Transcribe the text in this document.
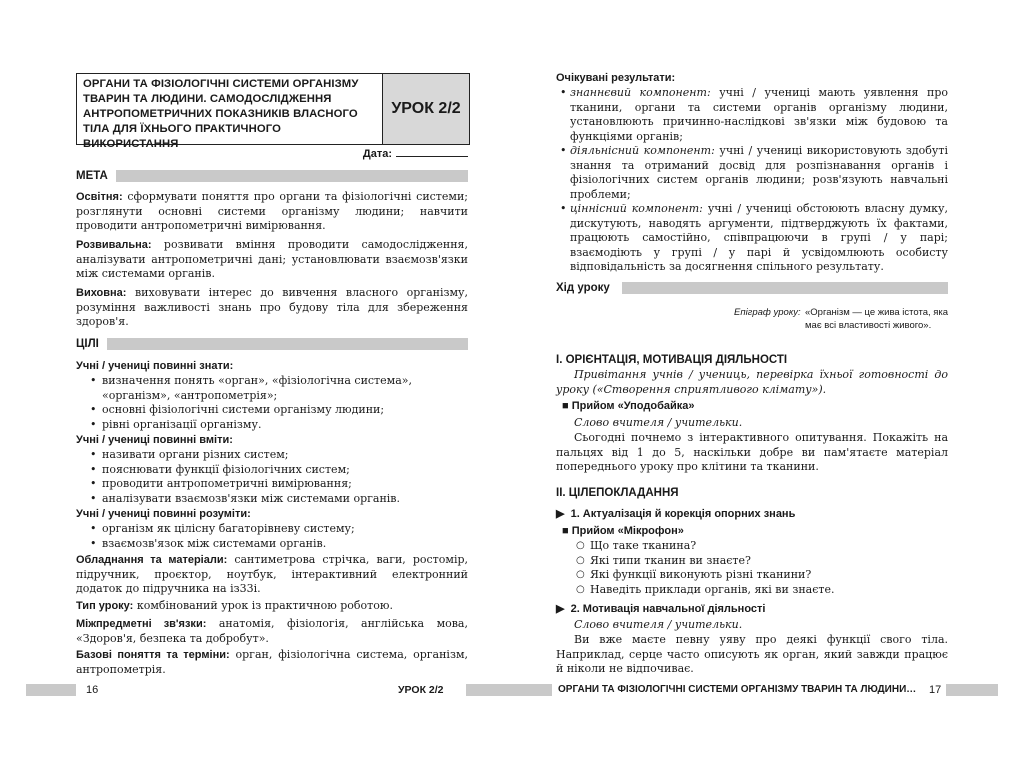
ОРГАНИ ТА ФІЗІОЛОГІЧНІ СИСТЕМИ ОРГАНІЗМУ ТВАРИН ТА ЛЮДИНИ. САМОДОСЛІДЖЕННЯ АНТРОПОМЕТРИЧНИХ ПОКАЗНИКІВ ВЛАСНОГО ТІЛА ДЛЯ ЇХНЬОГО ПРАКТИЧНОГО ВИКОРИСТАННЯ
УРОК 2/2
Дата:
МЕТА
Освітня: сформувати поняття про органи та фізіологічні системи; розглянути основні системи організму людини; навчити проводити антропометричні вимірювання.
Розвивальна: розвивати вміння проводити самодослідження, аналізувати антропометричні дані; установлювати взаємозв'язки між системами органів.
Виховна: виховувати інтерес до вивчення власного організму, розуміння важливості знань про будову тіла для збереження здоров'я.
ЦІЛІ
Учні / учениці повинні знати:
• визначення понять «орган», «фізіологічна система», «організм», «антропометрія»;
• основні фізіологічні системи організму людини;
• рівні організації організму.
Учні / учениці повинні вміти:
• називати органи різних систем;
• пояснювати функції фізіологічних систем;
• проводити антропометричні вимірювання;
• аналізувати взаємозв'язки між системами органів.
Учні / учениці повинні розуміти:
• організм як цілісну багаторівневу систему;
• взаємозв'язок між системами органів.
Обладнання та матеріали: сантиметрова стрічка, ваги, ростомір, підручник, проєктор, ноутбук, інтерактивний електронний додаток до підручника на із33і.
Тип уроку: комбінований урок із практичною роботою.
Міжпредметні зв'язки: анатомія, фізіологія, англійська мова, «Здоров'я, безпека та добробут».
Базові поняття та терміни: орган, фізіологічна система, організм, антропометрія.
16	УРОК 2/2
Очікувані результати:
• знаннєвий компонент: учні / учениці мають уявлення про тканини, органи та системи органів організму людини, установлюють причинно-наслідкові зв'язки між будовою та функціями органів;
• діяльнісний компонент: учні / учениці використовують здобуті знання та отриманий досвід для розпізнавання органів і фізіологічних систем органів людини; розв'язують навчальні проблеми;
• ціннісний компонент: учні / учениці обстоюють власну думку, дискутують, наводять аргументи, підтверджують їх фактами, працюють самостійно, співпрацюючи в групі / у парі; взаємодіють у групі / у парі й усвідомлюють особисту відповідальність за досягнення спільного результату.
Хід уроку
Епіграф уроку: «Організм — це жива істота, яка має всі властивості живого».
I. ОРІЄНТАЦІЯ, МОТИВАЦІЯ ДІЯЛЬНОСТІ
Привітання учнів / учениць, перевірка їхньої готовності до уроку («Створення сприятливого клімату»).
■ Прийом «Уподобайка»
Слово вчителя / учительки.
Сьогодні почнемо з інтерактивного опитування. Покажіть на пальцях від 1 до 5, наскільки добре ви пам'ятаєте матеріал попереднього уроку про клітини та тканини.
II. ЦІЛЕПОКЛАДАННЯ
▶  1. Актуалізація й корекція опорних знань
■ Прийом «Мікрофон»
○ Що таке тканина?
○ Які типи тканин ви знаєте?
○ Які функції виконують різні тканини?
○ Наведіть приклади органів, які ви знаєте.
▶  2. Мотивація навчальної діяльності
Слово вчителя / учительки.
Ви вже маєте певну уяву про деякі функції свого тіла. Наприклад, серце часто описують як орган, який завжди працює й ніколи не відпочиває.
ОРГАНИ ТА ФІЗІОЛОГІЧНІ СИСТЕМИ ОРГАНІЗМУ ТВАРИН ТА ЛЮДИНИ… 17
